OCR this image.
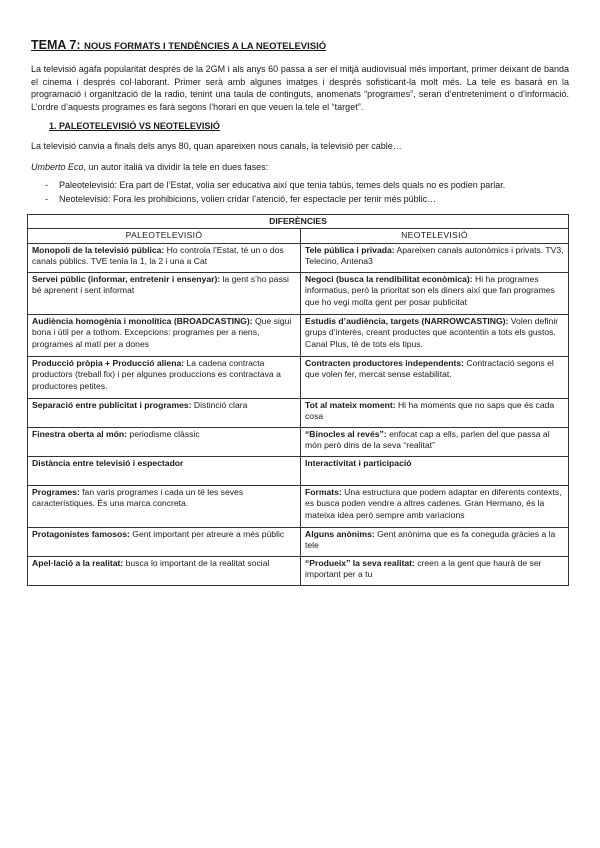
TEMA 7: NOUS FORMATS I TENDÈNCIES A LA NEOTELEVISIÓ

La televisió agafa popularitat després de la 2GM i als anys 60 passa a ser el mitjà audiovisual més important, primer deixant de banda el cinema i després col·laborant. Primer serà amb algunes imatges i després sofisticant-la molt més. La tele es basarà en la programació i organització de la radio, tenint una taula de continguts, anomenats “programes”, seran d’entreteniment o d’informació. L’ordre d’aquests programes es farà segons l’horari en que veuen la tele el “target”.

1. PALEOTELEVISIÓ VS NEOTELEVISIÓ

La televisió canvia a finals dels anys 80, quan apareixen nous canals, la televisió per cable…

Umberto Eco, un autor italià va dividir la tele en dues fases:

- Paleotelevisió: Era part de l’Estat, volia ser educativa així que tenia tabús, temes dels quals no es podien parlar.
- Neotelevisió: Fora les prohibicions, volien cridar l’atenció, fer espectacle per tenir més públic…
DIFERÈNCIES	
PALEOTELEVISIÓ	NEOTELEVISIÓ
Monopoli de la televisió pública: Ho controla l’Estat, té un o dos canals públics. TVE tenia la 1, la 2 i una a Cat	Tele pública i privada: Apareixen canals autonòmics i privats. TV3, Telecino, Antena3
Servei públic (informar, entretenir i ensenyar): la gent s’ho passi bé aprenent i sent informat	Negoci (busca la rendibilitat econòmica): Hi ha programes informatius, però la prioritat son els diners així que fan programes que ho vegi molta gent per posar publicitat
Audiència homogènia i monolítica (BROADCASTING): Que sigui bona i útil per a tothom. Excepcions: programes per a nens, programes al matí per a dones	Estudis d’audiència, targets (NARROWCASTING): Volen definir grups d’interès, creant productes que acontentin a tots els gustos. Canal Plus, té de tots els tipus.
Producció pròpia + Producció aliena: La cadena contracta productors (treball fix) i per algunes produccions es contractava a productores petites.	Contracten productores independents: Contractació segons el que volen fer, mercat sense estabilitat.
Separació entre publicitat i programes: Distinció clara	Tot al mateix moment: Hi ha moments que no saps que és cada cosa
Finestra oberta al món: periodisme clàssic	“Binocles al revés”: enfocat cap a ells, parlen del que passa al món però dins de la seva “realitat”
Distància entre televisió i espectador	Interactivitat i participació
Programes: fan varis programes i cada un té les seves característiques. És una marca concreta.	Formats: Una estructura que podem adaptar en diferents contexts, es busca poden vendre a altres cadenes. Gran Hermano, és la mateixa idea però sempre amb variacions
Protagonistes famosos: Gent important per atreure a més públic	Alguns anònims: Gent anònima que es fa coneguda gràcies a la tele
Apel·lació a la realitat: busca lo important de la realitat social	“Produeix” la seva realitat: creen a la gent que haurà de ser important per a tu
